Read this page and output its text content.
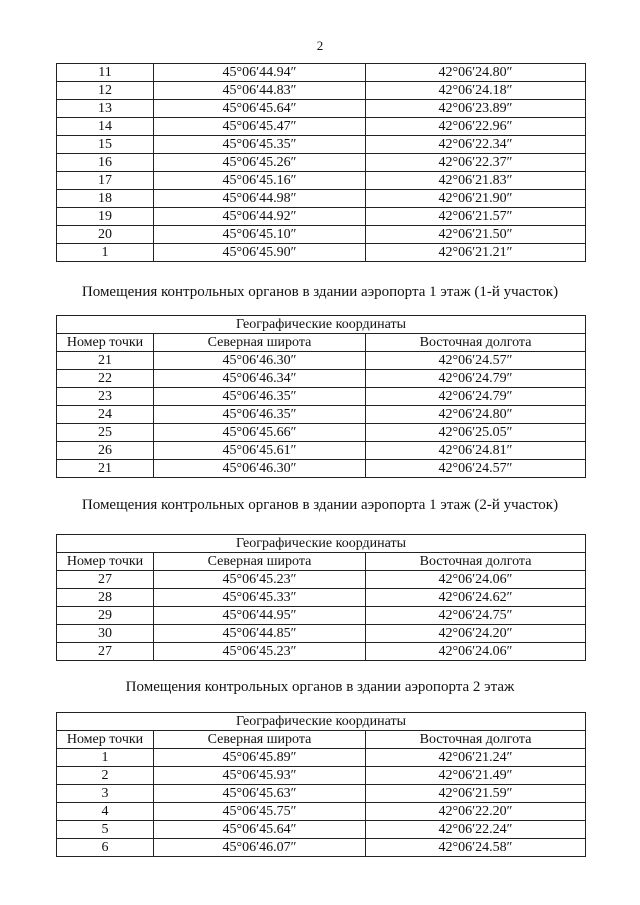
2
11	45°06′44.94″	42°06′24.80″
12	45°06′44.83″	42°06′24.18″
13	45°06′45.64″	42°06′23.89″
14	45°06′45.47″	42°06′22.96″
15	45°06′45.35″	42°06′22.34″
16	45°06′45.26″	42°06′22.37″
17	45°06′45.16″	42°06′21.83″
18	45°06′44.98″	42°06′21.90″
19	45°06′44.92″	42°06′21.57″
20	45°06′45.10″	42°06′21.50″
1	45°06′45.90″	42°06′21.21″
Помещения контрольных органов в здании аэропорта 1 этаж (1-й участок)
Географические координаты		
Номер точки	Северная широта	Восточная долгота
21	45°06′46.30″	42°06′24.57″
22	45°06′46.34″	42°06′24.79″
23	45°06′46.35″	42°06′24.79″
24	45°06′46.35″	42°06′24.80″
25	45°06′45.66″	42°06′25.05″
26	45°06′45.61″	42°06′24.81″
21	45°06′46.30″	42°06′24.57″
Помещения контрольных органов в здании аэропорта 1 этаж (2-й участок)
Географические координаты		
Номер точки	Северная широта	Восточная долгота
27	45°06′45.23″	42°06′24.06″
28	45°06′45.33″	42°06′24.62″
29	45°06′44.95″	42°06′24.75″
30	45°06′44.85″	42°06′24.20″
27	45°06′45.23″	42°06′24.06″
Помещения контрольных органов в здании аэропорта 2 этаж
Географические координаты		
Номер точки	Северная широта	Восточная долгота
1	45°06′45.89″	42°06′21.24″
2	45°06′45.93″	42°06′21.49″
3	45°06′45.63″	42°06′21.59″
4	45°06′45.75″	42°06′22.20″
5	45°06′45.64″	42°06′22.24″
6	45°06′46.07″	42°06′24.58″
